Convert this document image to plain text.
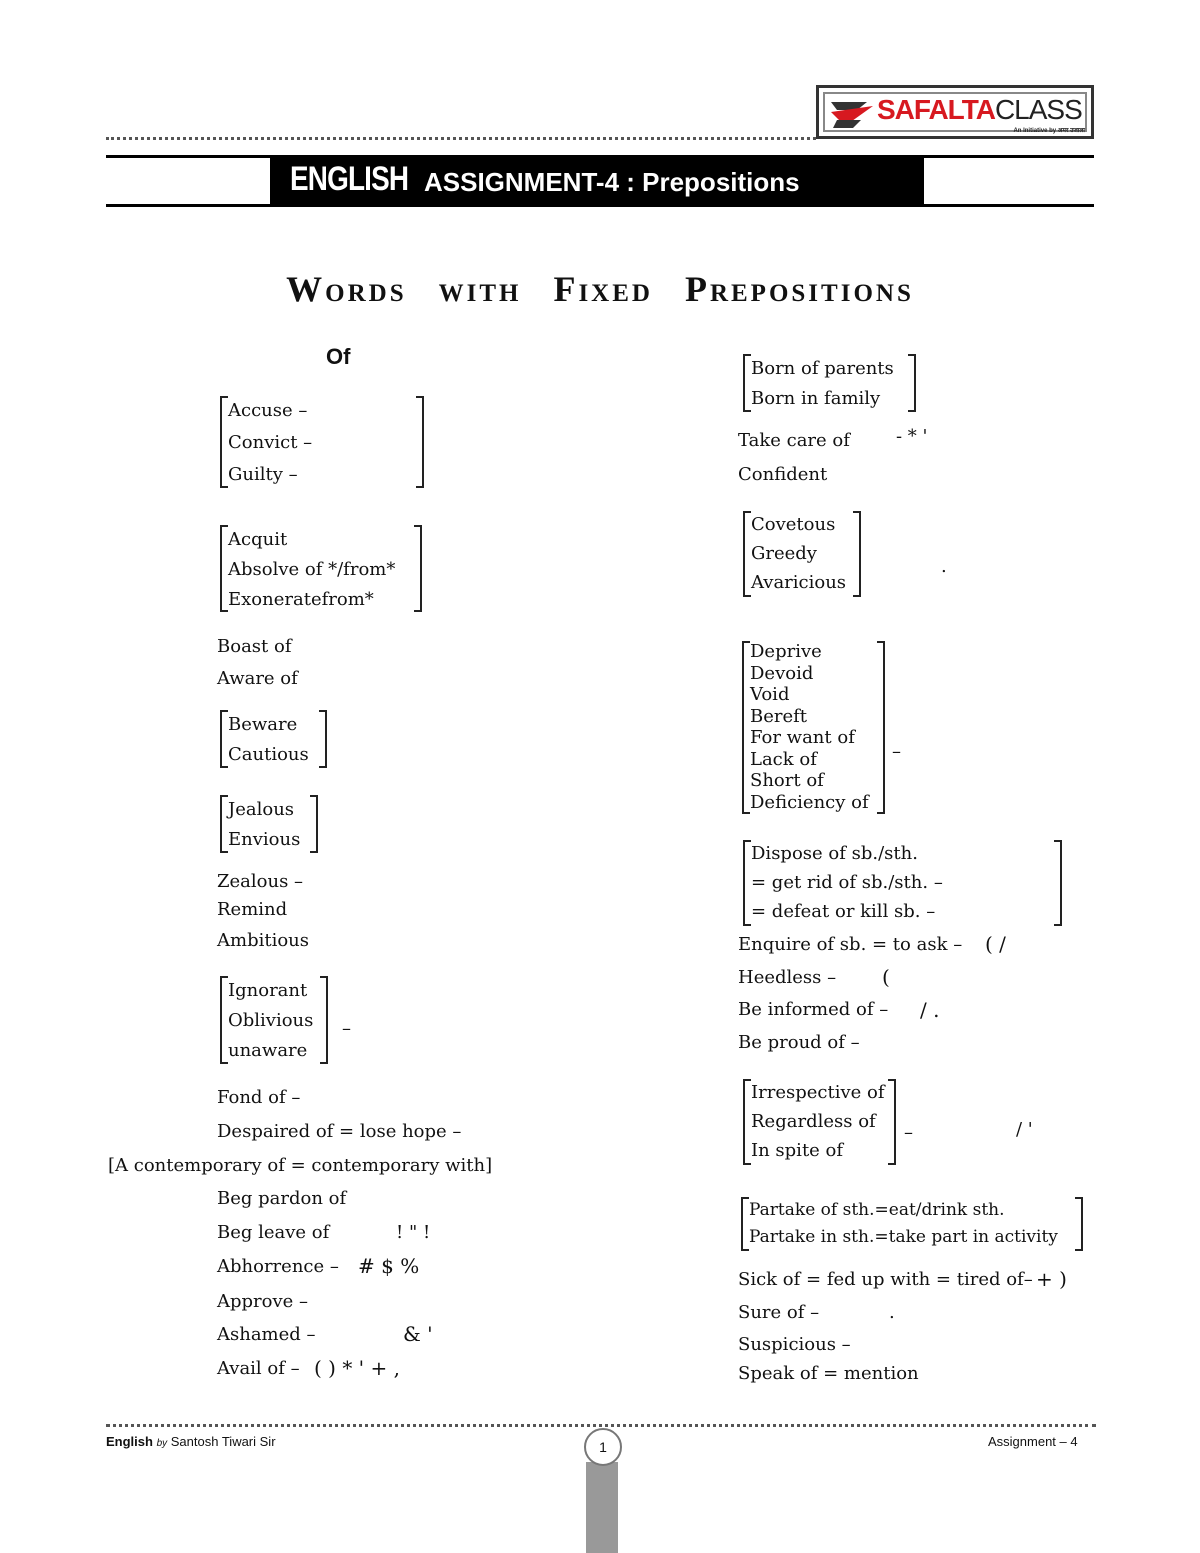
SAFALTACLASS
An Initiative by अमर उजाला
ENGLISH ASSIGNMENT-4 : Prepositions
Words with Fixed Prepositions
Of
Accuse –
Convict –
Guilty –
Acquit
Absolve of */from*
Exoneratefrom*
Boast of
Aware of
Beware
Cautious
Jealous
Envious
Zealous –
Remind
Ambitious
Ignorant
Oblivious
unaware
–
Fond of –
Despaired of = lose hope –
[A contemporary of = contemporary with]
Beg pardon of
Beg leave of	! " !
Abhorrence – # $ %
Approve –
Ashamed –	& '
Avail of – ( ) * ' + ,
Born of parents
Born in family
Take care of	- * '
Confident
Covetous
Greedy
Avaricious
.
Deprive
Devoid
Void
Bereft
For want of
Lack of
Short of
Deficiency of
–
Dispose of sb./sth.
= get rid of sb./sth. –
= defeat or kill sb. –
Enquire of sb. = to ask – ( /
Heedless – (
Be informed of – / .
Be proud of –
Irrespective of
Regardless of
In spite of
–	/ '
Partake of sth.=eat/drink sth.
Partake in sth.=take part in activity
Sick of = fed up with = tired of– + )
Sure of –	.
Suspicious –
Speak of = mention
English by Santosh Tiwari Sir	1	Assignment – 4
